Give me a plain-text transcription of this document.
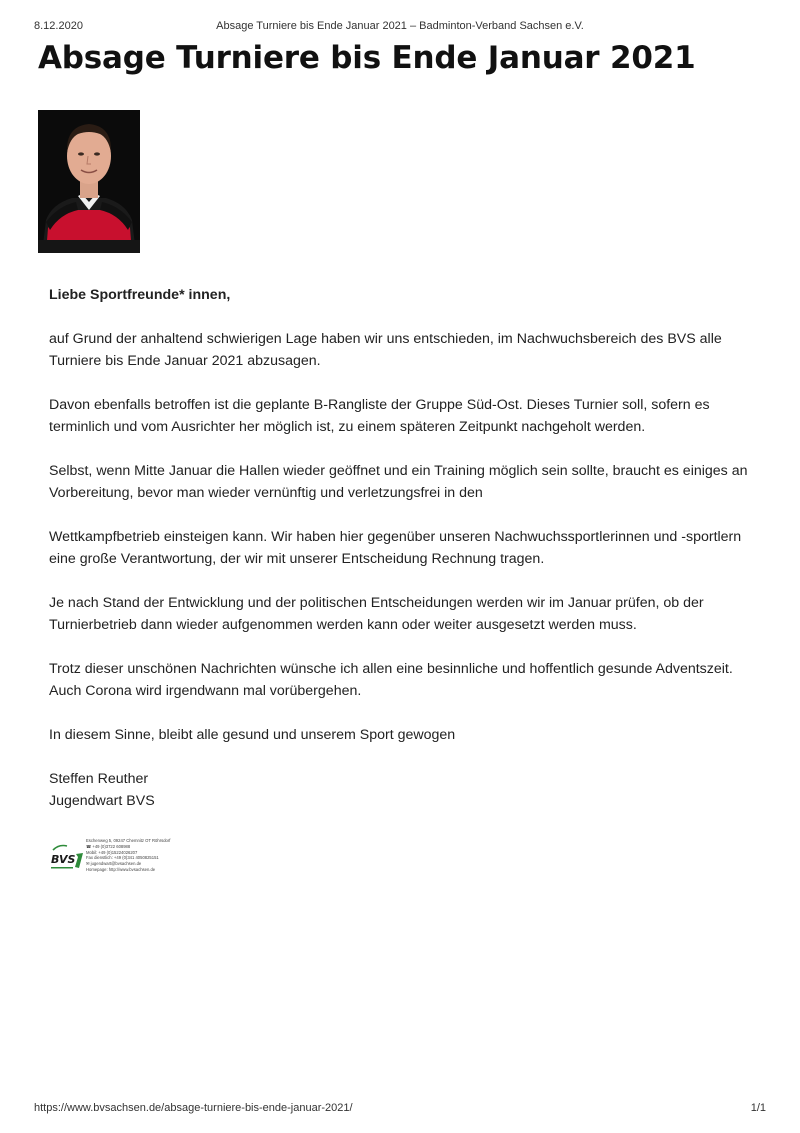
8.12.2020	Absage Turniere bis Ende Januar 2021 – Badminton-Verband Sachsen e.V.
Absage Turniere bis Ende Januar 2021

Liebe Sportfreunde* innen,

auf Grund der anhaltend schwierigen Lage haben wir uns entschieden, im Nachwuchsbereich des BVS alle Turniere bis Ende Januar 2021 abzusagen.

Davon ebenfalls betroffen ist die geplante B-Rangliste der Gruppe Süd-Ost. Dieses Turnier soll, sofern es terminlich und vom Ausrichter her möglich ist, zu einem späteren Zeitpunkt nachgeholt werden.

Selbst, wenn Mitte Januar die Hallen wieder geöffnet und ein Training möglich sein sollte, braucht es einiges an Vorbereitung, bevor man wieder vernünftig und verletzungsfrei in den

Wettkampfbetrieb einsteigen kann. Wir haben hier gegenüber unseren Nachwuchssportlerinnen und -sportlern eine große Verantwortung, der wir mit unserer Entscheidung Rechnung tragen.

Je nach Stand der Entwicklung und der politischen Entscheidungen werden wir im Januar prüfen, ob der Turnierbetrieb dann wieder aufgenommen werden kann oder weiter ausgesetzt werden muss.

Trotz dieser unschönen Nachrichten wünsche ich allen eine besinnliche und hoffentlich gesunde Adventszeit. Auch Corona wird irgendwann mal vorübergehen.

In diesem Sinne, bleibt alle gesund und unserem Sport gewogen

Steffen Reuther
Jugendwart BVS

BVS
Eschenweg 5, 09247 Chemnitz OT Röhrsdorf
☎ +49 (0)3722 608988
Mobil: +49 (0)15224026207
Fax dienstlich: +49 (0)341 4050825151
✉ jugendwart@bvsachsen.de
Homepage: http://www.bvsachsen.de
https://www.bvsachsen.de/absage-turniere-bis-ende-januar-2021/	1/1
